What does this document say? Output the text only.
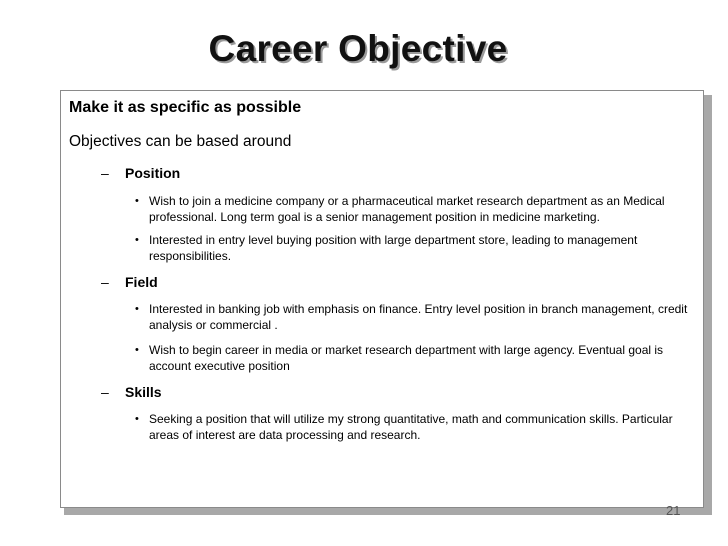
Career Objective
Make it as specific as possible
Objectives can be based around
– Position
• Wish to join a medicine company or a pharmaceutical market research department as an Medical professional. Long term goal is a senior management position in medicine marketing.
• Interested in entry level buying position with large department store, leading to management responsibilities.
– Field
• Interested in banking job with emphasis on finance. Entry level position in branch management, credit analysis or commercial .
• Wish to begin career in media or market research department with large agency. Eventual goal is account executive position
– Skills
• Seeking a position that will utilize my strong quantitative, math and communication skills. Particular areas of interest are data processing and research.
21
